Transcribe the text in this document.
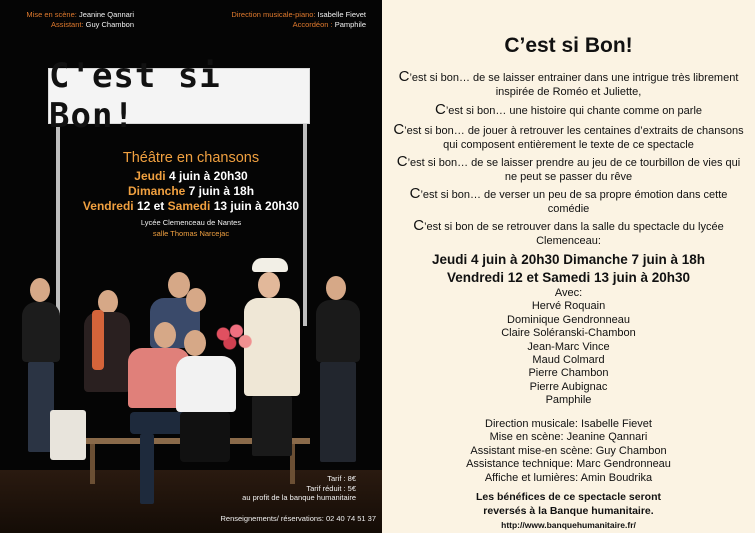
Mise en scène: Jeanine Qannari
Assistant: Guy Chambon
Direction musicale-piano: Isabelle Fievet
Accordéon : Pamphile
C'est si Bon!
Théâtre en chansons
Jeudi 4 juin à 20h30
Dimanche 7 juin à 18h
Vendredi 12 et Samedi 13 juin à 20h30
Lycée Clemenceau de Nantes
salle Thomas Narcejac
Tarif : 8€
Tarif réduit : 5€
au profit de la banque humanitaire
Renseignements/ réservations: 02 40 74 51 37
C’est si Bon!
C’est si bon… de se laisser entrainer dans une intrigue très librement inspirée de Roméo et Juliette,
C’est si bon… une histoire qui chante comme on parle
C’est si bon… de jouer à retrouver les centaines d’extraits de chansons qui composent entièrement le texte de ce spectacle
C’est si bon… de se laisser prendre au jeu de ce tourbillon de vies qui ne peut se passer du rêve
C’est si bon… de verser un peu de sa propre émotion dans cette comédie
C’est si bon de se retrouver dans la salle du spectacle du lycée Clemenceau:
Jeudi 4 juin à 20h30 Dimanche 7 juin à 18h
Vendredi 12 et Samedi 13 juin à 20h30
Avec:
Hervé Roquain
Dominique Gendronneau
Claire Soléranski-Chambon
Jean-Marc Vince
Maud Colmard
Pierre Chambon
Pierre Aubignac
Pamphile
Direction musicale: Isabelle Fievet
Mise en scène: Jeanine Qannari
Assistant mise-en scène: Guy Chambon
Assistance technique: Marc Gendronneau
Affiche et lumières: Amin Boudrika
Les bénéfices de ce spectacle seront
reversés à la Banque humanitaire.
http://www.banquehumanitaire.fr/
